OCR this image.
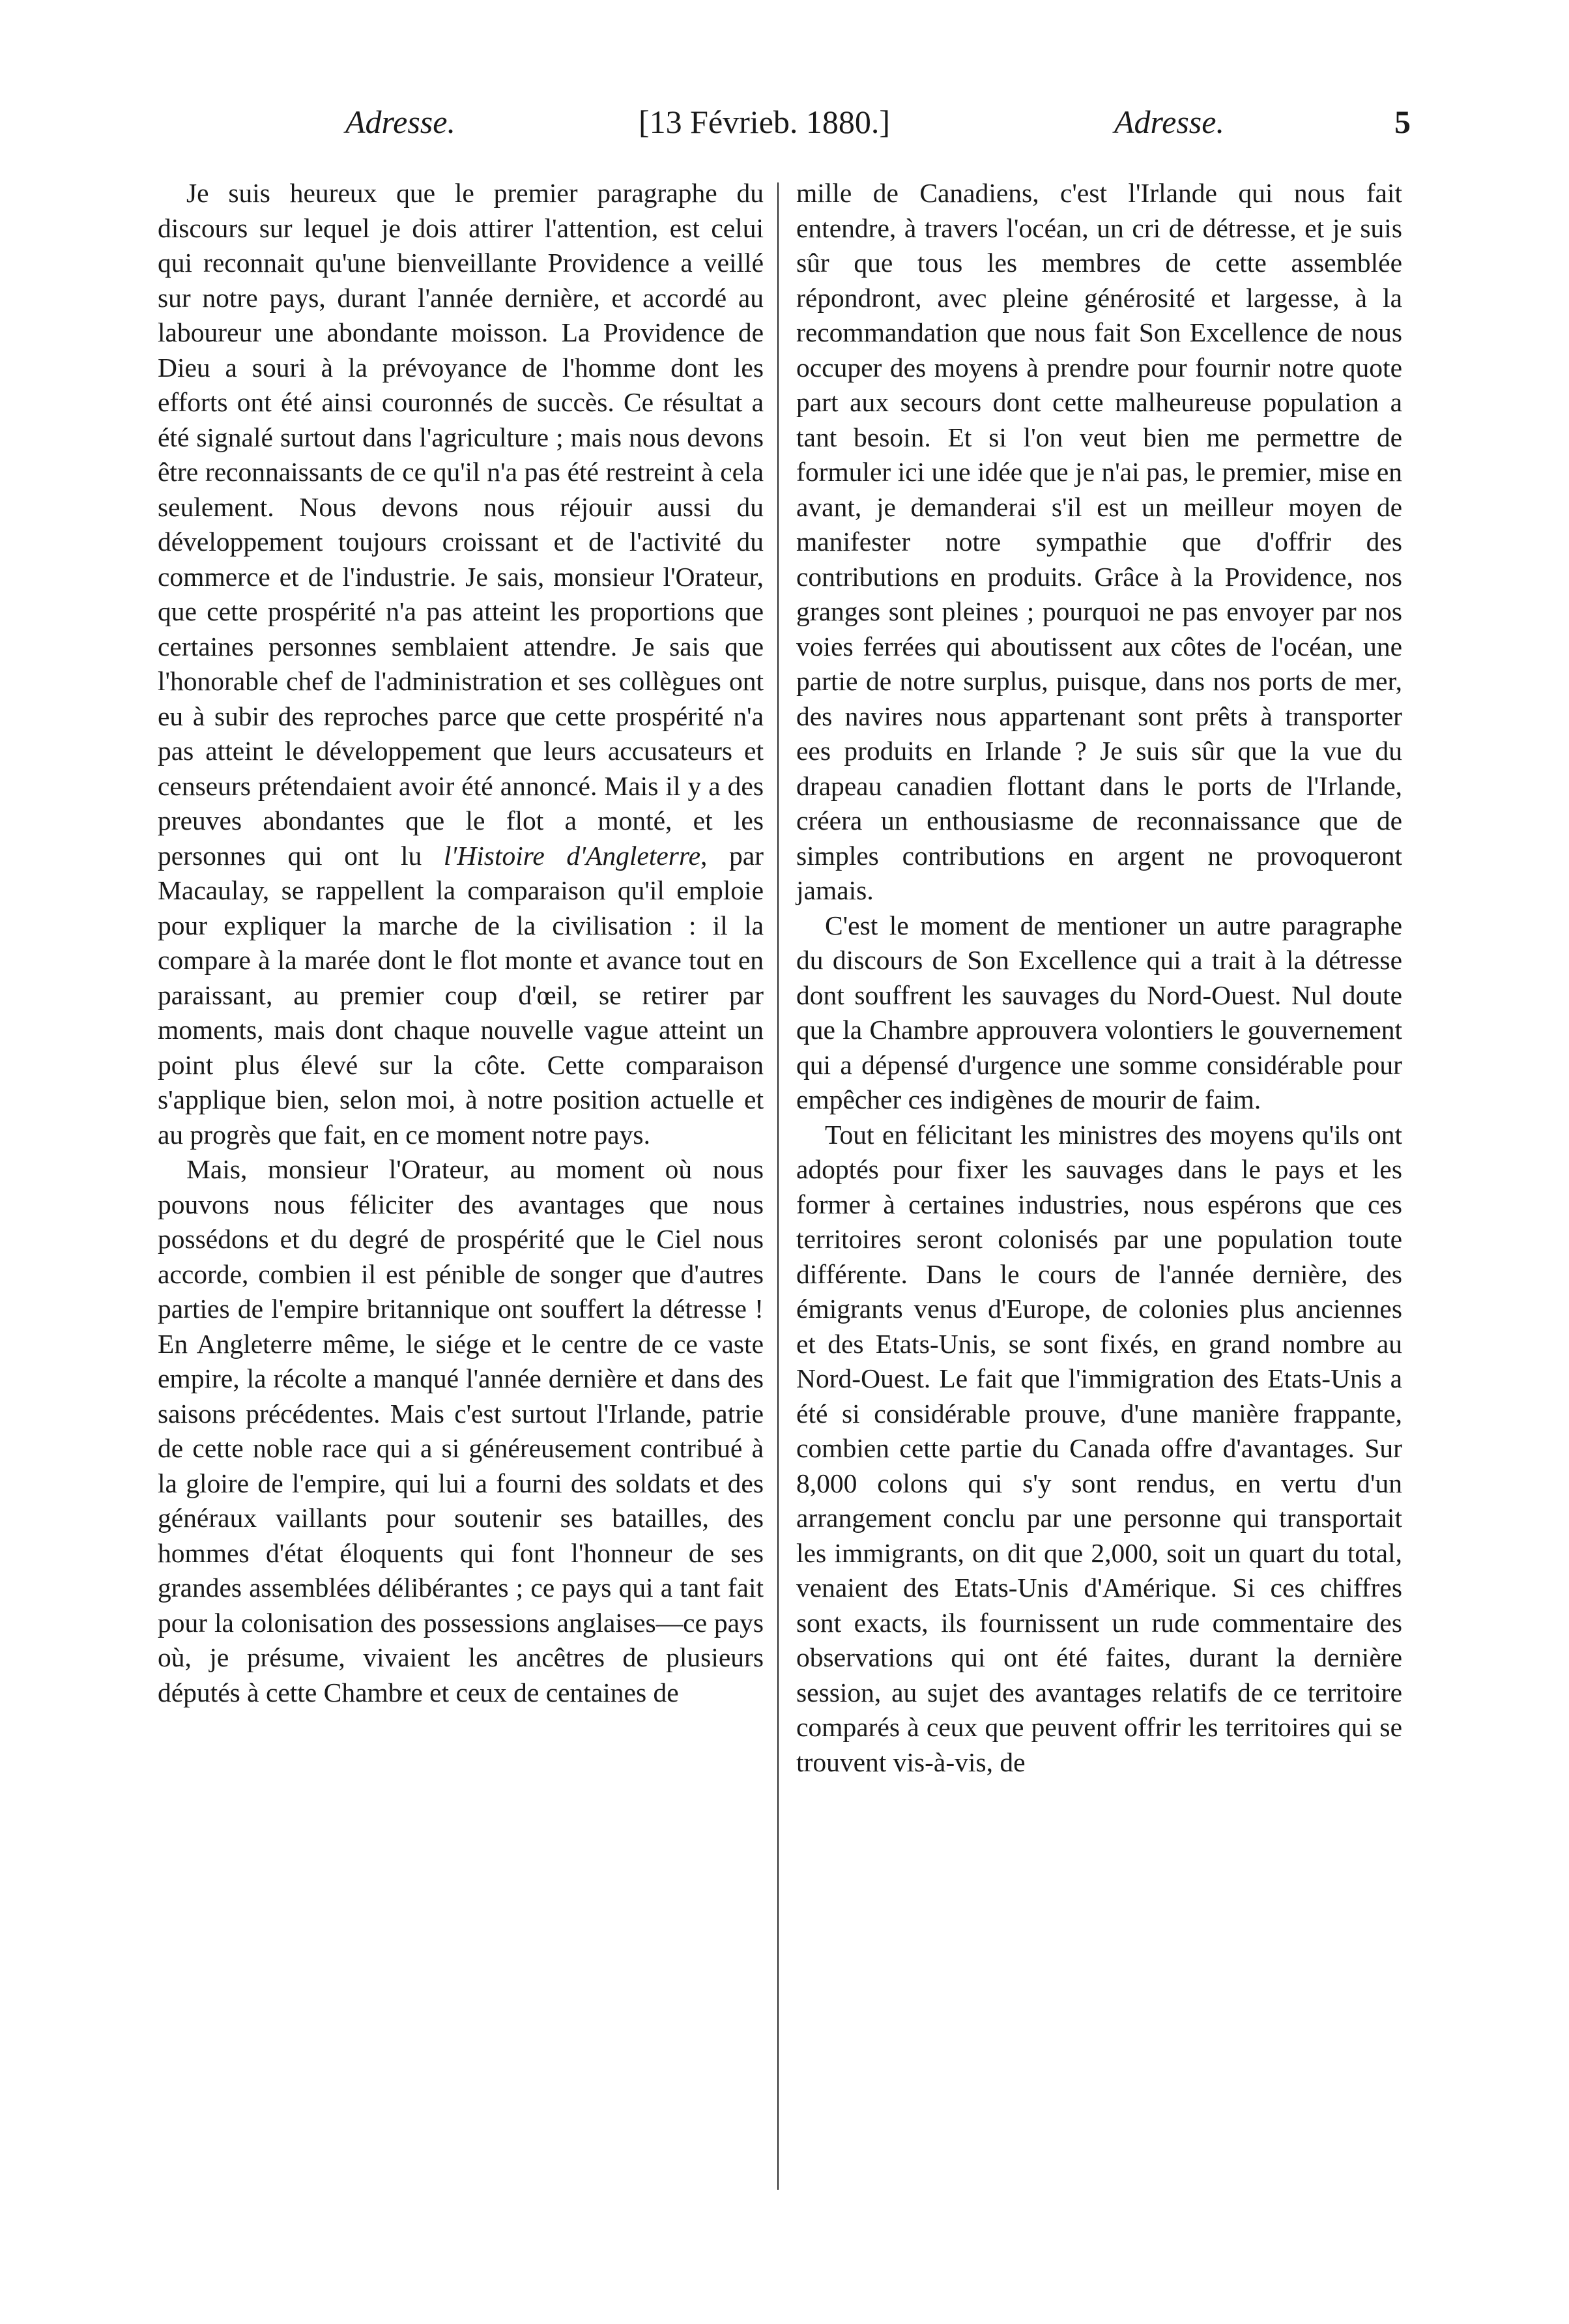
Adresse.	[13 Févrieb. 1880.]	Adresse.	5

Je suis heureux que le premier paragraphe du discours sur lequel je dois attirer l'attention, est celui qui reconnait qu'une bienveillante Providence a veillé sur notre pays, durant l'année dernière, et accordé au laboureur une abondante moisson. La Providence de Dieu a souri à la prévoyance de l'homme dont les efforts ont été ainsi couronnés de succès. Ce résultat a été signalé surtout dans l'agriculture ; mais nous devons être reconnaissants de ce qu'il n'a pas été restreint à cela seulement. Nous devons nous réjouir aussi du développement toujours croissant et de l'activité du commerce et de l'industrie. Je sais, monsieur l'Orateur, que cette prospérité n'a pas atteint les proportions que certaines personnes semblaient attendre. Je sais que l'honorable chef de l'administration et ses collègues ont eu à subir des reproches parce que cette prospérité n'a pas atteint le développement que leurs accusateurs et censeurs prétendaient avoir été annoncé. Mais il y a des preuves abondantes que le flot a monté, et les personnes qui ont lu l'Histoire d'Angleterre, par Macaulay, se rappellent la comparaison qu'il emploie pour expliquer la marche de la civilisation : il la compare à la marée dont le flot monte et avance tout en paraissant, au premier coup d'œil, se retirer par moments, mais dont chaque nouvelle vague atteint un point plus élevé sur la côte. Cette comparaison s'applique bien, selon moi, à notre position actuelle et au progrès que fait, en ce moment notre pays.

Mais, monsieur l'Orateur, au moment où nous pouvons nous féliciter des avantages que nous possédons et du degré de prospérité que le Ciel nous accorde, combien il est pénible de songer que d'autres parties de l'empire britannique ont souffert la détresse ! En Angleterre même, le siége et le centre de ce vaste empire, la récolte a manqué l'année dernière et dans des saisons précédentes. Mais c'est surtout l'Irlande, patrie de cette noble race qui a si généreusement contribué à la gloire de l'empire, qui lui a fourni des soldats et des généraux vaillants pour soutenir ses batailles, des hommes d'état éloquents qui font l'honneur de ses grandes assemblées délibérantes ; ce pays qui a tant fait pour la colonisation des possessions anglaises—ce pays où, je présume, vivaient les ancêtres de plusieurs députés à cette Chambre et ceux de centaines de

mille de Canadiens, c'est l'Irlande qui nous fait entendre, à travers l'océan, un cri de détresse, et je suis sûr que tous les membres de cette assemblée répondront, avec pleine générosité et largesse, à la recommandation que nous fait Son Excellence de nous occuper des moyens à prendre pour fournir notre quote part aux secours dont cette malheureuse population a tant besoin. Et si l'on veut bien me permettre de formuler ici une idée que je n'ai pas, le premier, mise en avant, je demanderai s'il est un meilleur moyen de manifester notre sympathie que d'offrir des contributions en produits. Grâce à la Providence, nos granges sont pleines ; pourquoi ne pas envoyer par nos voies ferrées qui aboutissent aux côtes de l'océan, une partie de notre surplus, puisque, dans nos ports de mer, des navires nous appartenant sont prêts à transporter ees produits en Irlande ? Je suis sûr que la vue du drapeau canadien flottant dans le ports de l'Irlande, créera un enthousiasme de reconnaissance que de simples contributions en argent ne provoqueront jamais.

C'est le moment de mentioner un autre paragraphe du discours de Son Excellence qui a trait à la détresse dont souffrent les sauvages du Nord-Ouest. Nul doute que la Chambre approuvera volontiers le gouvernement qui a dépensé d'urgence une somme considérable pour empêcher ces indigènes de mourir de faim.

Tout en félicitant les ministres des moyens qu'ils ont adoptés pour fixer les sauvages dans le pays et les former à certaines industries, nous espérons que ces territoires seront colonisés par une population toute différente. Dans le cours de l'année dernière, des émigrants venus d'Europe, de colonies plus anciennes et des Etats-Unis, se sont fixés, en grand nombre au Nord-Ouest. Le fait que l'immigration des Etats-Unis a été si considérable prouve, d'une manière frappante, combien cette partie du Canada offre d'avantages. Sur 8,000 colons qui s'y sont rendus, en vertu d'un arrangement conclu par une personne qui transportait les immigrants, on dit que 2,000, soit un quart du total, venaient des Etats-Unis d'Amérique. Si ces chiffres sont exacts, ils fournissent un rude commentaire des observations qui ont été faites, durant la dernière session, au sujet des avantages relatifs de ce territoire comparés à ceux que peuvent offrir les territoires qui se trouvent vis-à-vis, de
